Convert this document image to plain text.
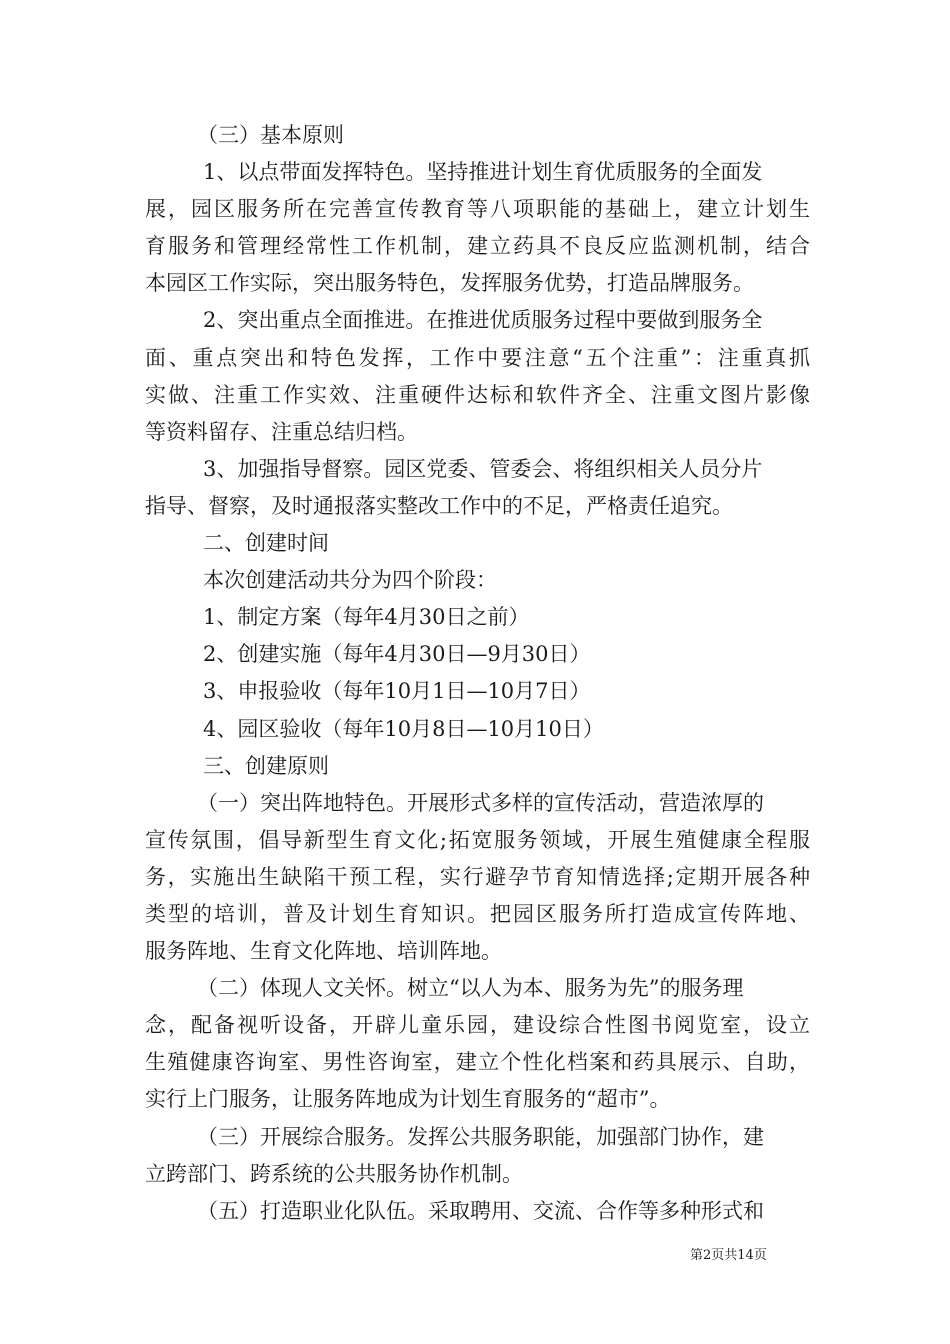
（三）基本原则
1、以点带面发挥特色。坚持推进计划生育优质服务的全面发
展，园区服务所在完善宣传教育等八项职能的基础上，建立计划生
育服务和管理经常性工作机制，建立药具不良反应监测机制，结合
本园区工作实际，突出服务特色，发挥服务优势，打造品牌服务。
2、突出重点全面推进。在推进优质服务过程中要做到服务全
面、重点突出和特色发挥，工作中要注意“五个注重”：注重真抓
实做、注重工作实效、注重硬件达标和软件齐全、注重文图片影像
等资料留存、注重总结归档。
3、加强指导督察。园区党委、管委会、将组织相关人员分片
指导、督察，及时通报落实整改工作中的不足，严格责任追究。
二、创建时间
本次创建活动共分为四个阶段：
1、制定方案（每年4月30日之前）
2、创建实施（每年4月30日—9月30日）
3、申报验收（每年10月1日—10月7日）
4、园区验收（每年10月8日—10月10日）
三、创建原则
（一）突出阵地特色。开展形式多样的宣传活动，营造浓厚的
宣传氛围，倡导新型生育文化;拓宽服务领域，开展生殖健康全程服
务，实施出生缺陷干预工程，实行避孕节育知情选择;定期开展各种
类型的培训，普及计划生育知识。把园区服务所打造成宣传阵地、
服务阵地、生育文化阵地、培训阵地。
（二）体现人文关怀。树立“以人为本、服务为先”的服务理
念，配备视听设备，开辟儿童乐园，建设综合性图书阅览室，设立
生殖健康咨询室、男性咨询室，建立个性化档案和药具展示、自助，
实行上门服务，让服务阵地成为计划生育服务的“超市”。
（三）开展综合服务。发挥公共服务职能，加强部门协作，建
立跨部门、跨系统的公共服务协作机制。
（五）打造职业化队伍。采取聘用、交流、合作等多种形式和
第2页共14页
